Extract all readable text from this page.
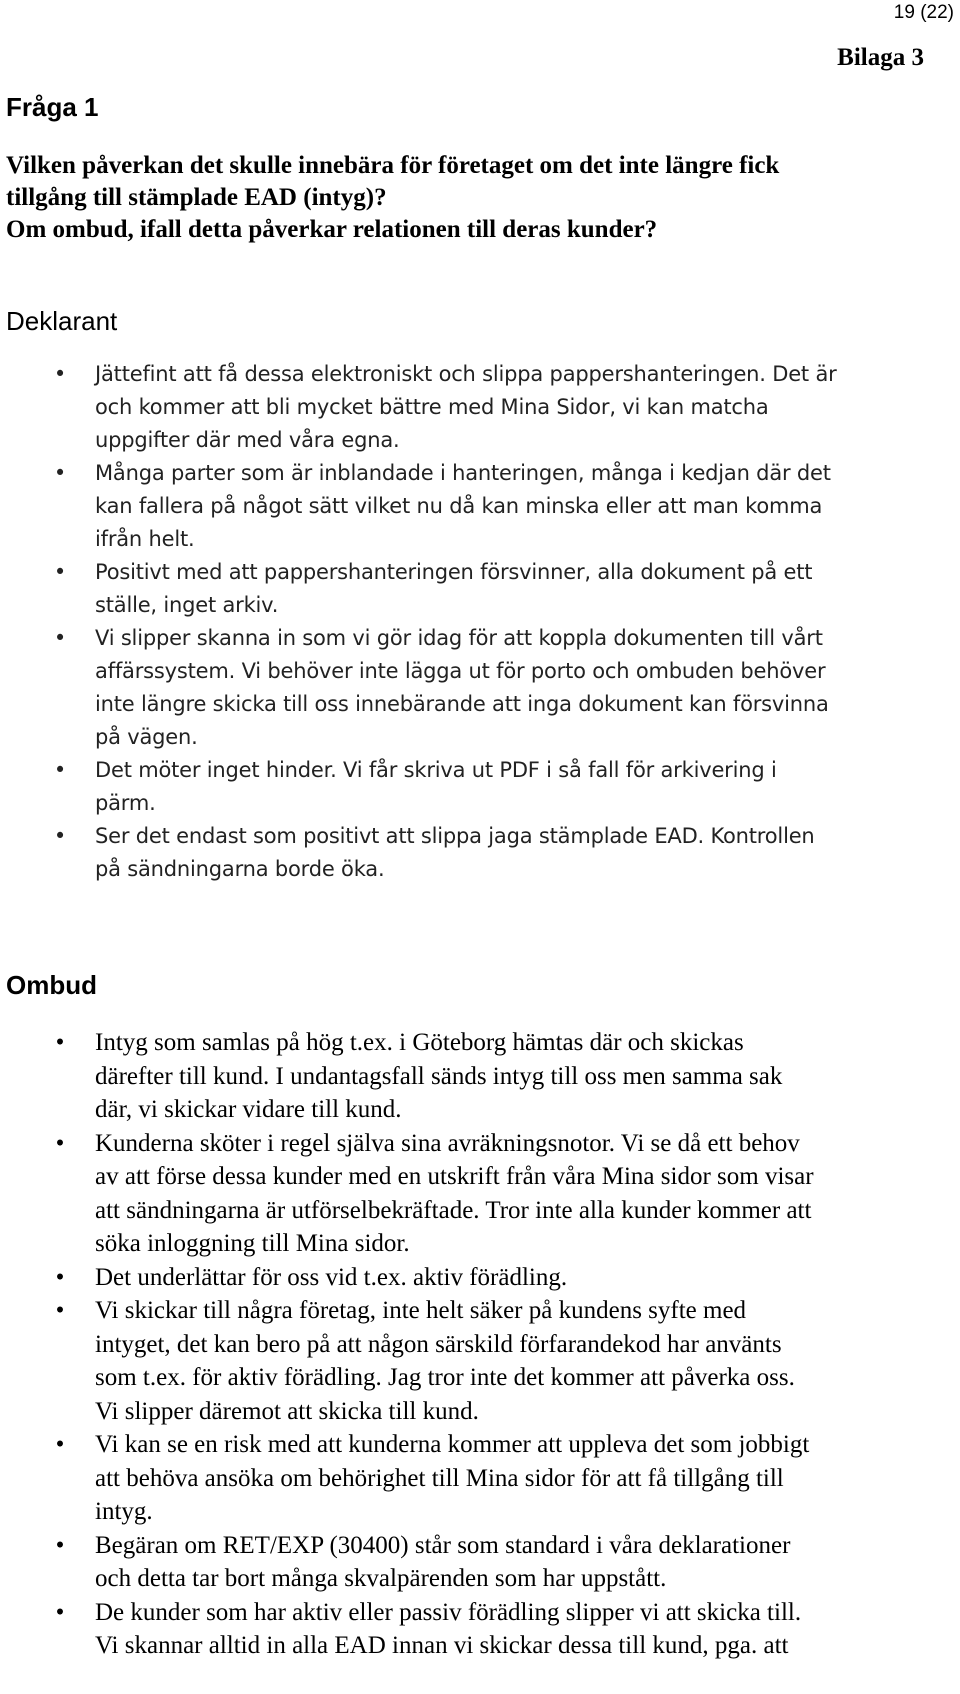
19 (22)
Bilaga 3
Fråga 1

Vilken påverkan det skulle innebära för företaget om det inte längre fick
tillgång till stämplade EAD (intyg)?
Om ombud, ifall detta påverkar relationen till deras kunder?

Deklarant
• Jättefint att få dessa elektroniskt och slippa pappershanteringen. Det är
och kommer att bli mycket bättre med Mina Sidor, vi kan matcha
uppgifter där med våra egna.
• Många parter som är inblandade i hanteringen, många i kedjan där det
kan fallera på något sätt vilket nu då kan minska eller att man komma
ifrån helt.
• Positivt med att pappershanteringen försvinner, alla dokument på ett
ställe, inget arkiv.
• Vi slipper skanna in som vi gör idag för att koppla dokumenten till vårt
affärssystem. Vi behöver inte lägga ut för porto och ombuden behöver
inte längre skicka till oss innebärande att inga dokument kan försvinna
på vägen.
• Det möter inget hinder. Vi får skriva ut PDF i så fall för arkivering i
pärm.
• Ser det endast som positivt att slippa jaga stämplade EAD. Kontrollen
på sändningarna borde öka.
Ombud
• Intyg som samlas på hög t.ex. i Göteborg hämtas där och skickas
därefter till kund. I undantagsfall sänds intyg till oss men samma sak
där, vi skickar vidare till kund.
• Kunderna sköter i regel själva sina avräkningsnotor. Vi se då ett behov
av att förse dessa kunder med en utskrift från våra Mina sidor som visar
att sändningarna är utförselbekräftade. Tror inte alla kunder kommer att
söka inloggning till Mina sidor.
• Det underlättar för oss vid t.ex. aktiv förädling.
• Vi skickar till några företag, inte helt säker på kundens syfte med
intyget, det kan bero på att någon särskild förfarandekod har använts
som t.ex. för aktiv förädling. Jag tror inte det kommer att påverka oss.
Vi slipper däremot att skicka till kund.
• Vi kan se en risk med att kunderna kommer att uppleva det som jobbigt
att behöva ansöka om behörighet till Mina sidor för att få tillgång till
intyg.
• Begäran om RET/EXP (30400) står som standard i våra deklarationer
och detta tar bort många skvalpärenden som har uppstått.
• De kunder som har aktiv eller passiv förädling slipper vi att skicka till.
Vi skannar alltid in alla EAD innan vi skickar dessa till kund, pga. att
